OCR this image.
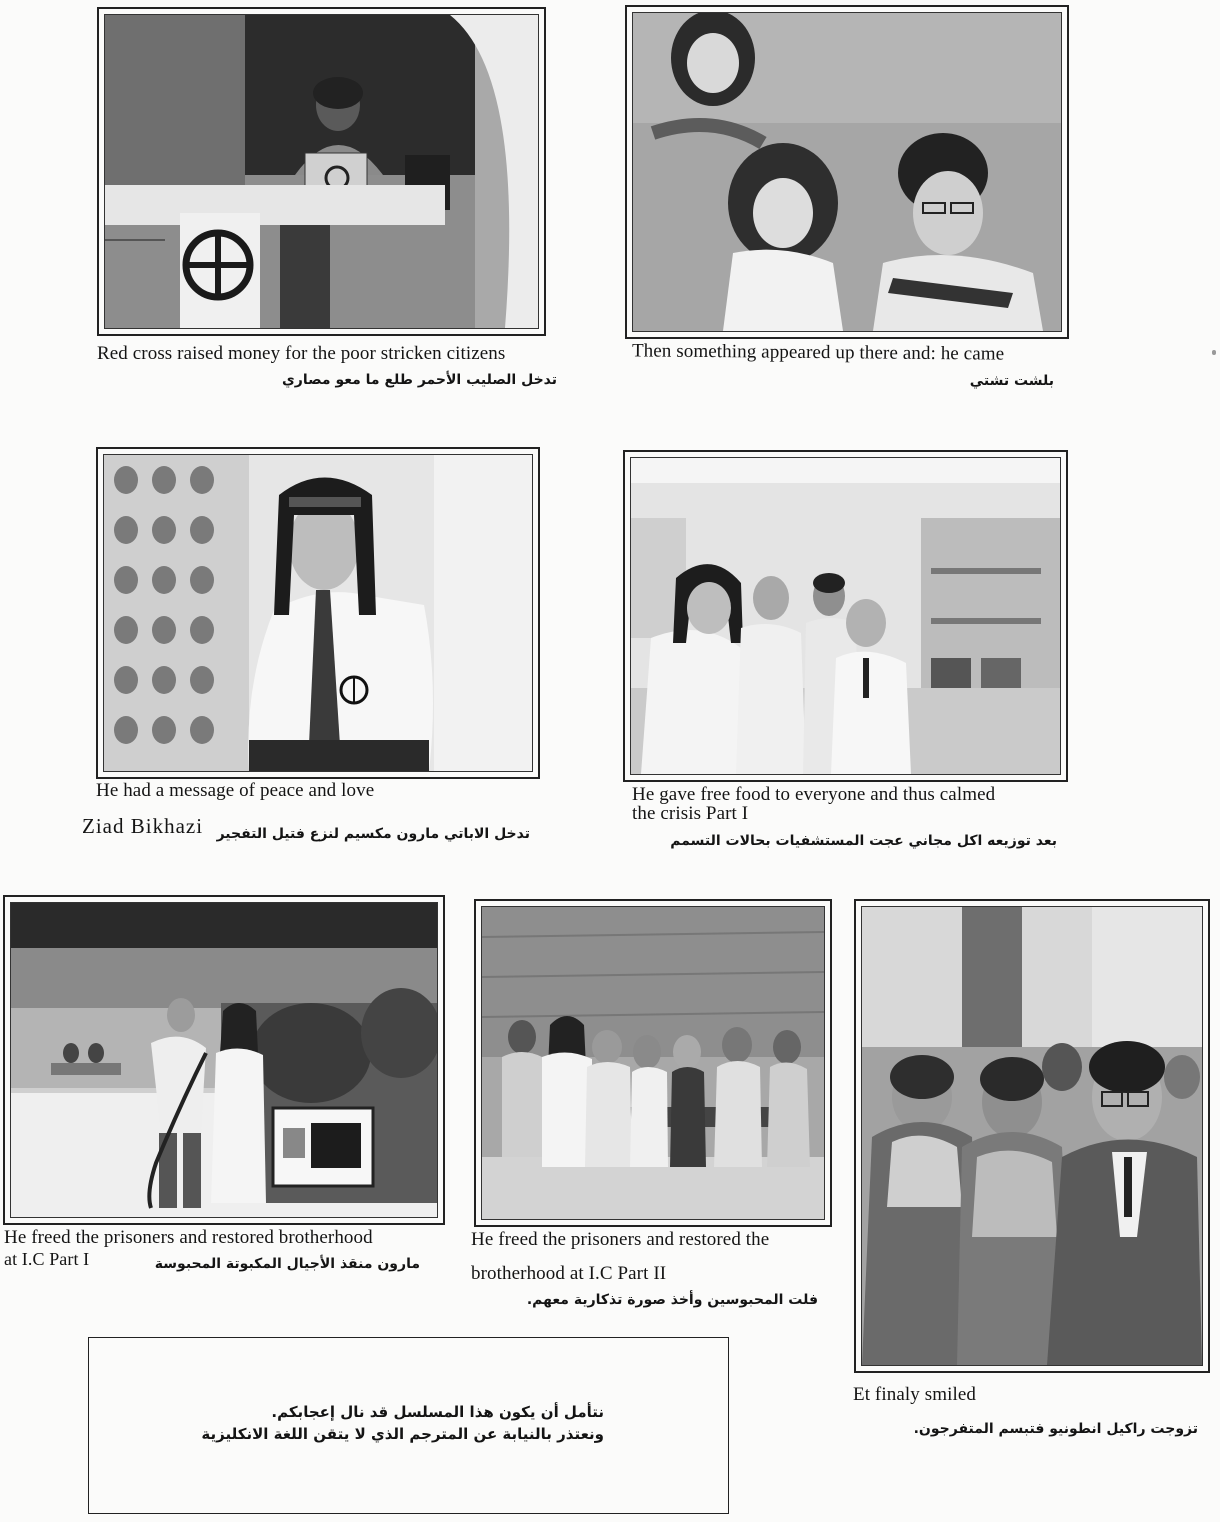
Red cross raised money for the poor stricken citizens
تدخل الصليب الأحمر طلع ما معو مصاري
Then something appeared up there and: he came
بلشت تشتي
He had a message of peace and love
Ziad Bikhazi تدخل الاباتي مارون مكسيم لنزع فتيل التفجير
He gave free food to everyone and thus calmed
the crisis Part I
بعد توزيعه اكل مجاني عجت المستشفيات بحالات التسمم
He freed the prisoners and restored brotherhood
at I.C Part I	مارون منقذ الأجيال المكبوتة المحبوسة
He freed the prisoners and restored the
brotherhood at I.C Part II
فلت المحبوسين وأخذ صورة تذكارية معهم.
Et finaly smiled
تزوجت راكيل انطونيو فتبسم المتفرجون.
نتأمل أن يكون هذا المسلسل قد نال إعجابكم.
ونعتذر بالنيابة عن المترجم الذي لا يتقن اللغة الانكليزية
